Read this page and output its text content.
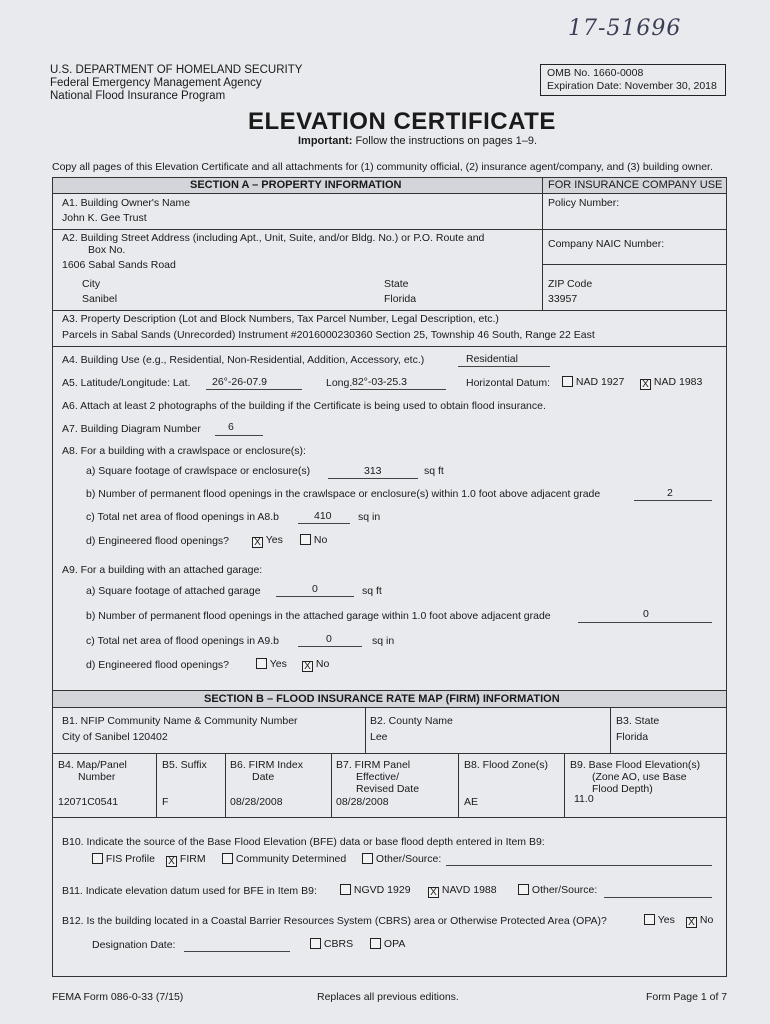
17-51696
U.S. DEPARTMENT OF HOMELAND SECURITY
Federal Emergency Management Agency
National Flood Insurance Program
OMB No. 1660-0008
Expiration Date: November 30, 2018
ELEVATION CERTIFICATE
Important: Follow the instructions on pages 1–9.
Copy all pages of this Elevation Certificate and all attachments for (1) community official, (2) insurance agent/company, and (3) building owner.
SECTION A – PROPERTY INFORMATION	FOR INSURANCE COMPANY USE
Policy Number:
Company NAIC Number:
A1. Building Owner's Name
John K. Gee Trust
A2. Building Street Address (including Apt., Unit, Suite, and/or Bldg. No.) or P.O. Route and
Box No.
1606 Sabal Sands Road
City
Sanibel
State
Florida
ZIP Code
33957
A3. Property Description (Lot and Block Numbers, Tax Parcel Number, Legal Description, etc.)
Parcels in Sabal Sands (Unrecorded) Instrument #2016000230360 Section 25, Township 46 South, Range 22 East
A4. Building Use (e.g., Residential, Non-Residential, Addition, Accessory, etc.)	Residential
A5. Latitude/Longitude: Lat. 26°-26-07.9	Long. 82°-03-25.3	Horizontal Datum:	NAD 1927 X NAD 1983
A6. Attach at least 2 photographs of the building if the Certificate is being used to obtain flood insurance.
A7. Building Diagram Number	6
A8. For a building with a crawlspace or enclosure(s):
a) Square footage of crawlspace or enclosure(s)	313	sq ft
b) Number of permanent flood openings in the crawlspace or enclosure(s) within 1.0 foot above adjacent grade	2
c) Total net area of flood openings in A8.b	410	sq in
d) Engineered flood openings?	X Yes	No
A9. For a building with an attached garage:
a) Square footage of attached garage	0	sq ft
b) Number of permanent flood openings in the attached garage within 1.0 foot above adjacent grade	0
c) Total net area of flood openings in A9.b	0	sq in
d) Engineered flood openings?	Yes X No
SECTION B – FLOOD INSURANCE RATE MAP (FIRM) INFORMATION
B1. NFIP Community Name & Community Number
City of Sanibel 120402
B2. County Name
Lee
B3. State
Florida
B4. Map/Panel
Number
12071C0541
B5. Suffix
F
B6. FIRM Index
Date
08/28/2008
B7. FIRM Panel
Effective/
Revised Date
08/28/2008
B8. Flood Zone(s)
AE
B9. Base Flood Elevation(s)
(Zone AO, use Base
Flood Depth)
11.0
B10. Indicate the source of the Base Flood Elevation (BFE) data or base flood depth entered in Item B9:
FIS Profile X FIRM	Community Determined	Other/Source:
B11. Indicate elevation datum used for BFE in Item B9:	NGVD 1929 X NAVD 1988	Other/Source:
B12. Is the building located in a Coastal Barrier Resources System (CBRS) area or Otherwise Protected Area (OPA)?	Yes X No
Designation Date:	CBRS	OPA
FEMA Form 086-0-33 (7/15)	Replaces all previous editions.	Form Page 1 of 7
